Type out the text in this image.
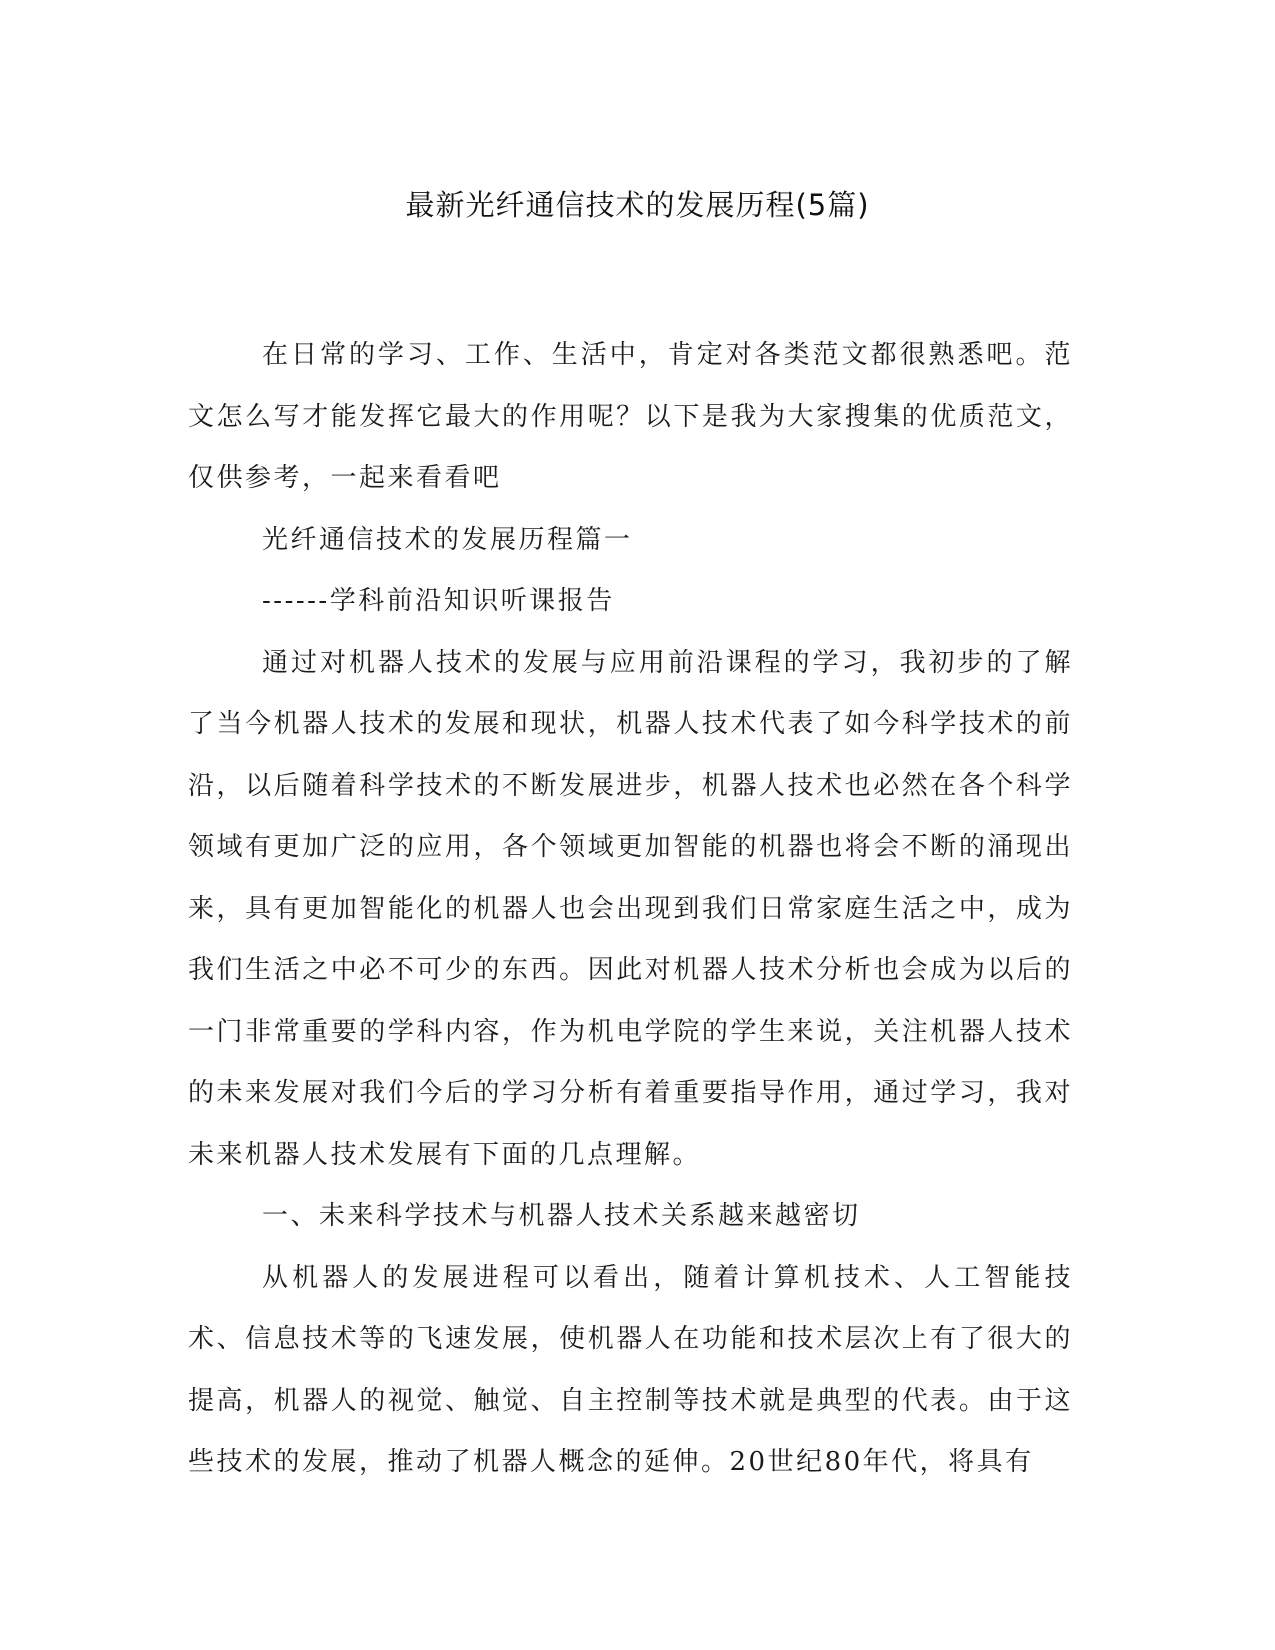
最新光纤通信技术的发展历程(5篇)

在日常的学习、工作、生活中，肯定对各类范文都很熟悉吧。范文怎么写才能发挥它最大的作用呢？以下是我为大家搜集的优质范文，仅供参考，一起来看看吧

光纤通信技术的发展历程篇一

------学科前沿知识听课报告

通过对机器人技术的发展与应用前沿课程的学习，我初步的了解了当今机器人技术的发展和现状，机器人技术代表了如今科学技术的前沿，以后随着科学技术的不断发展进步，机器人技术也必然在各个科学领域有更加广泛的应用，各个领域更加智能的机器也将会不断的涌现出来，具有更加智能化的机器人也会出现到我们日常家庭生活之中，成为我们生活之中必不可少的东西。因此对机器人技术分析也会成为以后的一门非常重要的学科内容，作为机电学院的学生来说，关注机器人技术的未来发展对我们今后的学习分析有着重要指导作用，通过学习，我对未来机器人技术发展有下面的几点理解。

一、未来科学技术与机器人技术关系越来越密切

从机器人的发展进程可以看出，随着计算机技术、人工智能技术、信息技术等的飞速发展，使机器人在功能和技术层次上有了很大的提高，机器人的视觉、触觉、自主控制等技术就是典型的代表。由于这些技术的发展，推动了机器人概念的延伸。20世纪80年代，将具有
